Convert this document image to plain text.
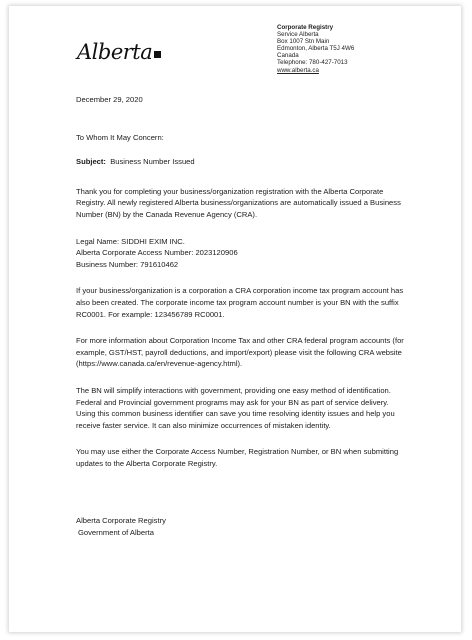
Alberta
Corporate Registry
Service Alberta
Box 1007 Stn Main
Edmonton, Alberta T5J 4W6
Canada
Telephone: 780-427-7013
www.alberta.ca

December 29, 2020

To Whom It May Concern:

Subject: Business Number Issued

Thank you for completing your business/organization registration with the Alberta Corporate Registry. All newly registered Alberta business/organizations are automatically issued a Business Number (BN) by the Canada Revenue Agency (CRA).

Legal Name: SIDDHI EXIM INC.

Alberta Corporate Access Number: 2023120906

Business Number: 791610462

If your business/organization is a corporation a CRA corporation income tax program account has also been created. The corporate income tax program account number is your BN with the suffix RC0001. For example: 123456789 RC0001.

For more information about Corporation Income Tax and other CRA federal program accounts (for example, GST/HST, payroll deductions, and import/export) please visit the following CRA website (https://www.canada.ca/en/revenue-agency.html).

The BN will simplify interactions with government, providing one easy method of identification. Federal and Provincial government programs may ask for your BN as part of service delivery. Using this common business identifier can save you time resolving identity issues and help you receive faster service. It can also minimize occurrences of mistaken identity.

You may use either the Corporate Access Number, Registration Number, or BN when submitting updates to the Alberta Corporate Registry.

Alberta Corporate Registry

Government of Alberta
